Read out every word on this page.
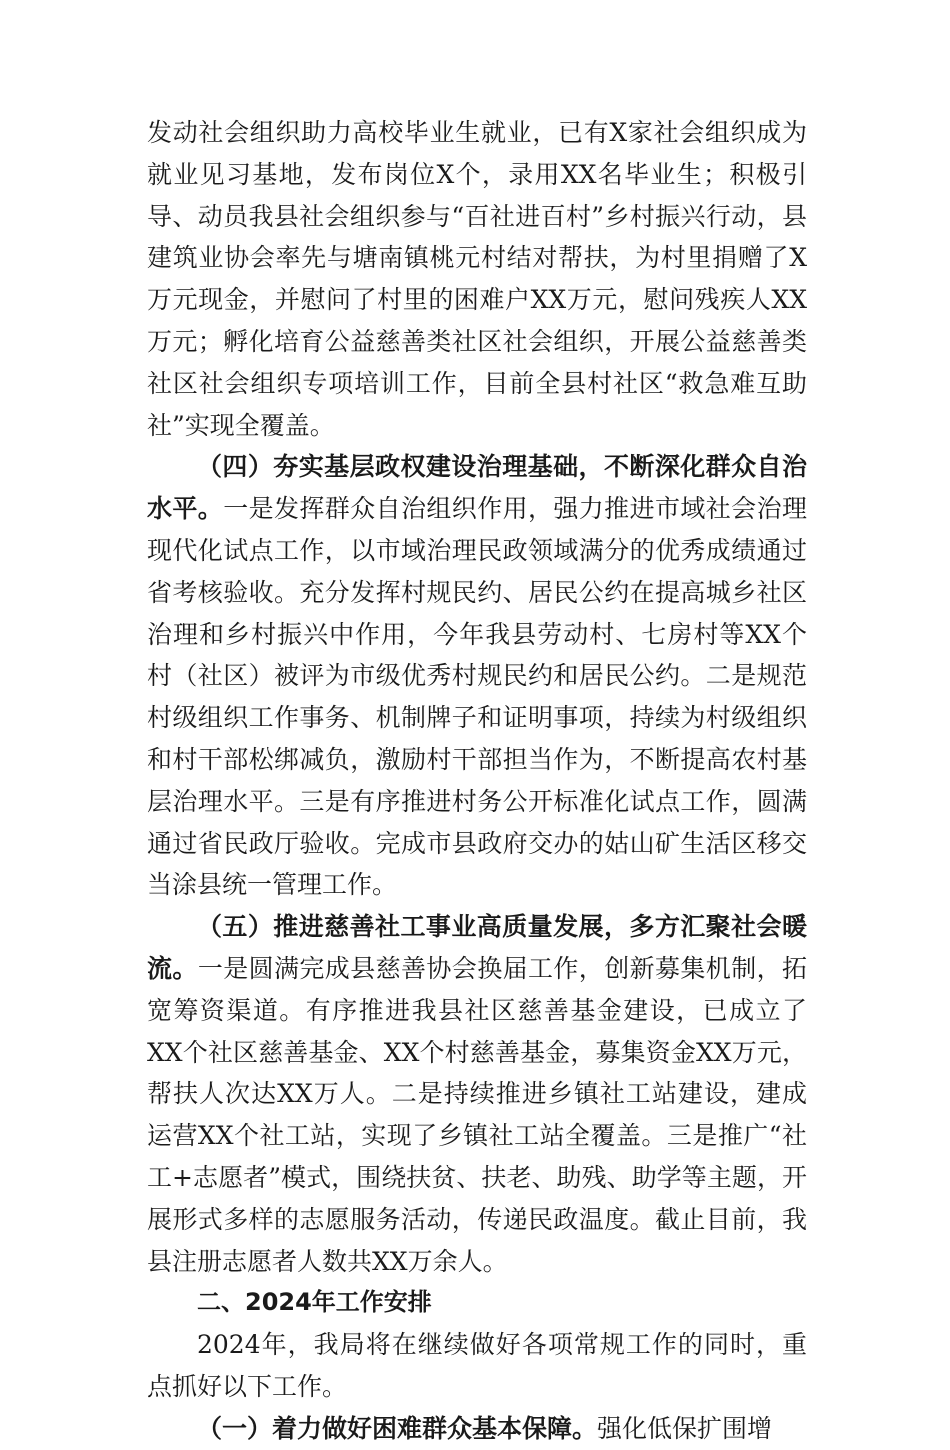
发动社会组织助力高校毕业生就业，已有X家社会组织成为就业见习基地，发布岗位X个，录用XX名毕业生；积极引导、动员我县社会组织参与“百社进百村”乡村振兴行动，县建筑业协会率先与塘南镇桃元村结对帮扶，为村里捐赠了X万元现金，并慰问了村里的困难户XX万元，慰问残疾人XX万元；孵化培育公益慈善类社区社会组织，开展公益慈善类社区社会组织专项培训工作，目前全县村社区“救急难互助社”实现全覆盖。

（四）夯实基层政权建设治理基础，不断深化群众自治水平。一是发挥群众自治组织作用，强力推进市域社会治理现代化试点工作，以市域治理民政领域满分的优秀成绩通过省考核验收。充分发挥村规民约、居民公约在提高城乡社区治理和乡村振兴中作用，今年我县劳动村、七房村等XX个村（社区）被评为市级优秀村规民约和居民公约。二是规范村级组织工作事务、机制牌子和证明事项，持续为村级组织和村干部松绑减负，激励村干部担当作为，不断提高农村基层治理水平。三是有序推进村务公开标准化试点工作，圆满通过省民政厅验收。完成市县政府交办的姑山矿生活区移交当涂县统一管理工作。

（五）推进慈善社工事业高质量发展，多方汇聚社会暖流。一是圆满完成县慈善协会换届工作，创新募集机制，拓宽筹资渠道。有序推进我县社区慈善基金建设，已成立了XX个社区慈善基金、XX个村慈善基金，募集资金XX万元，帮扶人次达XX万人。二是持续推进乡镇社工站建设，建成运营XX个社工站，实现了乡镇社工站全覆盖。三是推广“社工+志愿者”模式，围绕扶贫、扶老、助残、助学等主题，开展形式多样的志愿服务活动，传递民政温度。截止目前，我县注册志愿者人数共XX万余人。

二、2024年工作安排

2024年，我局将在继续做好各项常规工作的同时，重点抓好以下工作。

（一）着力做好困难群众基本保障。强化低保扩围增
